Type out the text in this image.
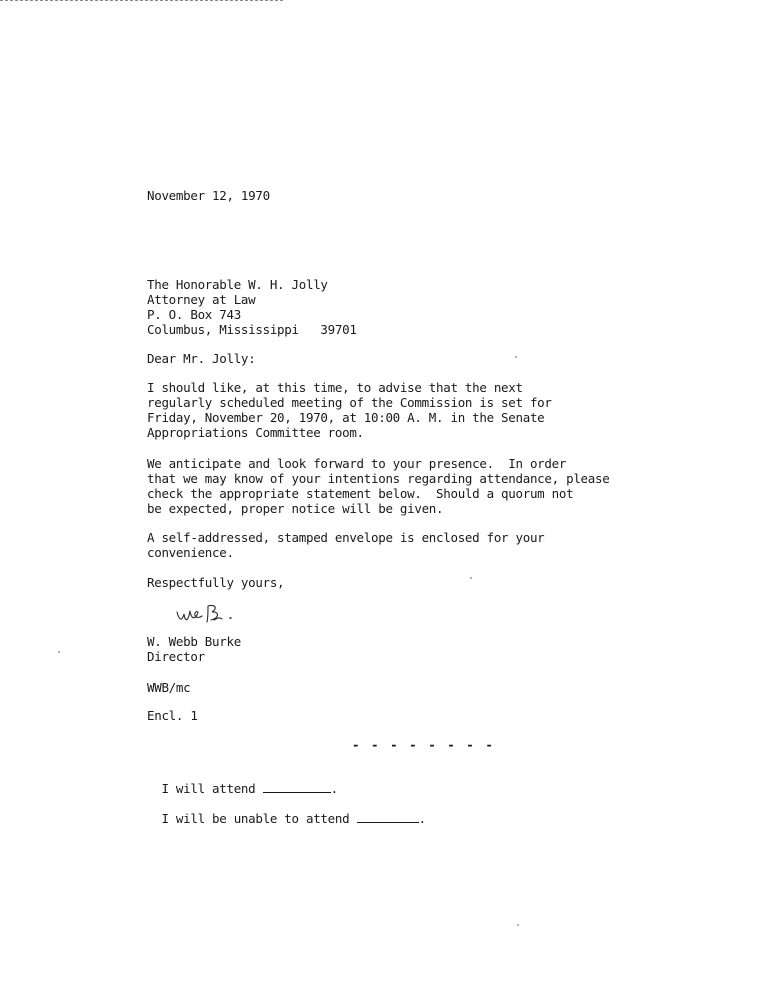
November 12, 1970
The Honorable W. H. Jolly
Attorney at Law
P. O. Box 743
Columbus, Mississippi   39701
Dear Mr. Jolly:
I should like, at this time, to advise that the next
regularly scheduled meeting of the Commission is set for
Friday, November 20, 1970, at 10:00 A. M. in the Senate
Appropriations Committee room.
We anticipate and look forward to your presence.  In order
that we may know of your intentions regarding attendance, please
check the appropriate statement below.  Should a quorum not
be expected, proper notice will be given.
A self-addressed, stamped envelope is enclosed for your
convenience.
Respectfully yours,
W. Webb Burke
Director
WWB/mc
Encl. 1
- - - - - - - -

I will attend	.

I will be unable to attend	.
